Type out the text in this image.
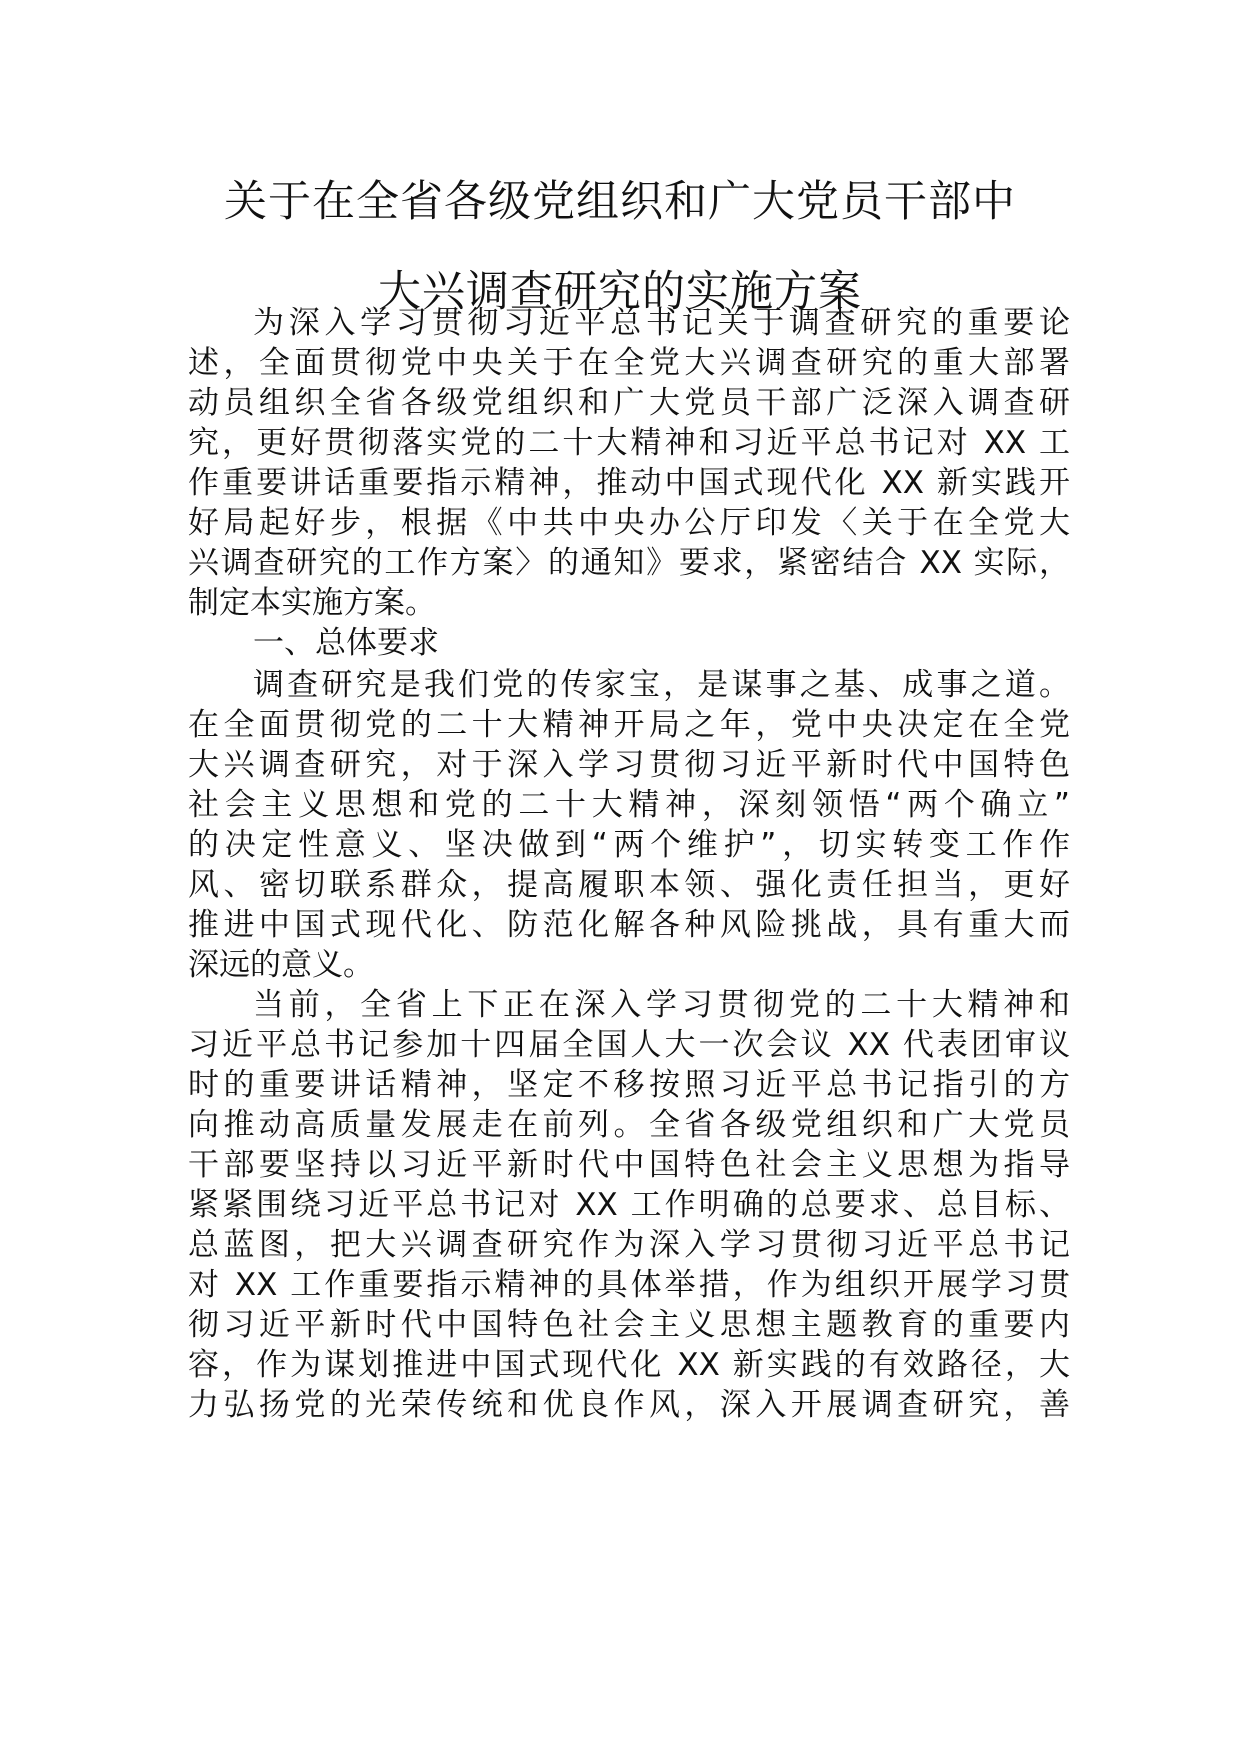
关于在全省各级党组织和广大党员干部中
大兴调查研究的实施方案
为深入学习贯彻习近平总书记关于调查研究的重要论
述，全面贯彻党中央关于在全党大兴调查研究的重大部署
动员组织全省各级党组织和广大党员干部广泛深入调查研
究，更好贯彻落实党的二十大精神和习近平总书记对 XX 工
作重要讲话重要指示精神，推动中国式现代化 XX 新实践开
好局起好步，根据《中共中央办公厅印发〈关于在全党大
兴调查研究的工作方案〉的通知》要求，紧密结合 XX 实际，
制定本实施方案。
一、总体要求
调查研究是我们党的传家宝，是谋事之基、成事之道。
在全面贯彻党的二十大精神开局之年，党中央决定在全党
大兴调查研究，对于深入学习贯彻习近平新时代中国特色
社会主义思想和党的二十大精神，深刻领悟“两个确立”
的决定性意义、坚决做到“两个维护”，切实转变工作作
风、密切联系群众，提高履职本领、强化责任担当，更好
推进中国式现代化、防范化解各种风险挑战，具有重大而
深远的意义。
当前，全省上下正在深入学习贯彻党的二十大精神和
习近平总书记参加十四届全国人大一次会议 XX 代表团审议
时的重要讲话精神，坚定不移按照习近平总书记指引的方
向推动高质量发展走在前列。全省各级党组织和广大党员
干部要坚持以习近平新时代中国特色社会主义思想为指导
紧紧围绕习近平总书记对 XX 工作明确的总要求、总目标、
总蓝图，把大兴调查研究作为深入学习贯彻习近平总书记
对 XX 工作重要指示精神的具体举措，作为组织开展学习贯
彻习近平新时代中国特色社会主义思想主题教育的重要内
容，作为谋划推进中国式现代化 XX 新实践的有效路径，大
力弘扬党的光荣传统和优良作风，深入开展调查研究，善
